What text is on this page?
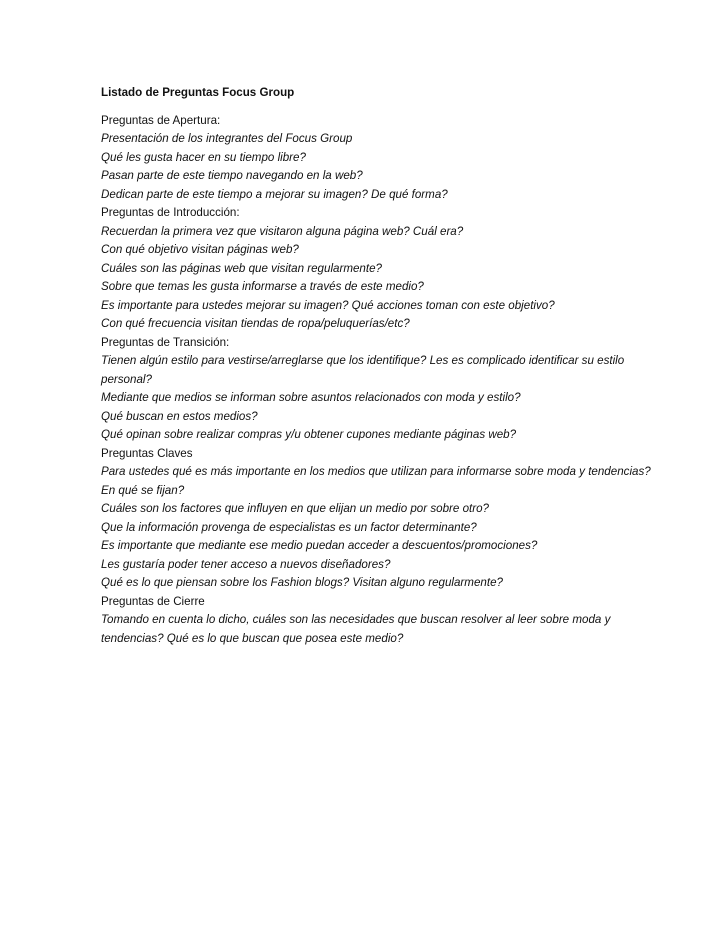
Listado de Preguntas Focus Group
Preguntas de Apertura:
Presentación de los integrantes del Focus Group
Qué les gusta hacer en su tiempo libre?
Pasan parte de este tiempo navegando en la web?
Dedican parte de este tiempo a mejorar su imagen? De qué forma?
Preguntas de Introducción:
Recuerdan la primera vez que visitaron alguna página web? Cuál era?
Con qué objetivo visitan páginas web?
Cuáles son las páginas web que visitan regularmente?
Sobre que temas les gusta informarse a través de este medio?
Es importante para ustedes mejorar su imagen? Qué acciones toman con este objetivo?
Con qué frecuencia visitan tiendas de ropa/peluquerías/etc?
Preguntas de Transición:
Tienen algún estilo para vestirse/arreglarse que los identifique? Les es complicado identificar su estilo personal?
Mediante que medios se informan sobre asuntos relacionados con moda y estilo?
Qué buscan en estos medios?
Qué opinan sobre realizar compras y/u obtener cupones mediante páginas web?
Preguntas Claves
Para ustedes qué es más importante en los medios que utilizan para informarse sobre moda y tendencias? En qué se fijan?
Cuáles son los factores que influyen en que elijan un medio por sobre otro?
Que la información provenga de especialistas es un factor determinante?
Es importante que mediante ese medio puedan acceder a descuentos/promociones?
Les gustaría poder tener acceso a nuevos diseñadores?
Qué es lo que piensan sobre los Fashion blogs? Visitan alguno regularmente?
Preguntas de Cierre
Tomando en cuenta lo dicho, cuáles son las necesidades que buscan resolver al leer sobre moda y tendencias? Qué es lo que buscan que posea este medio?
